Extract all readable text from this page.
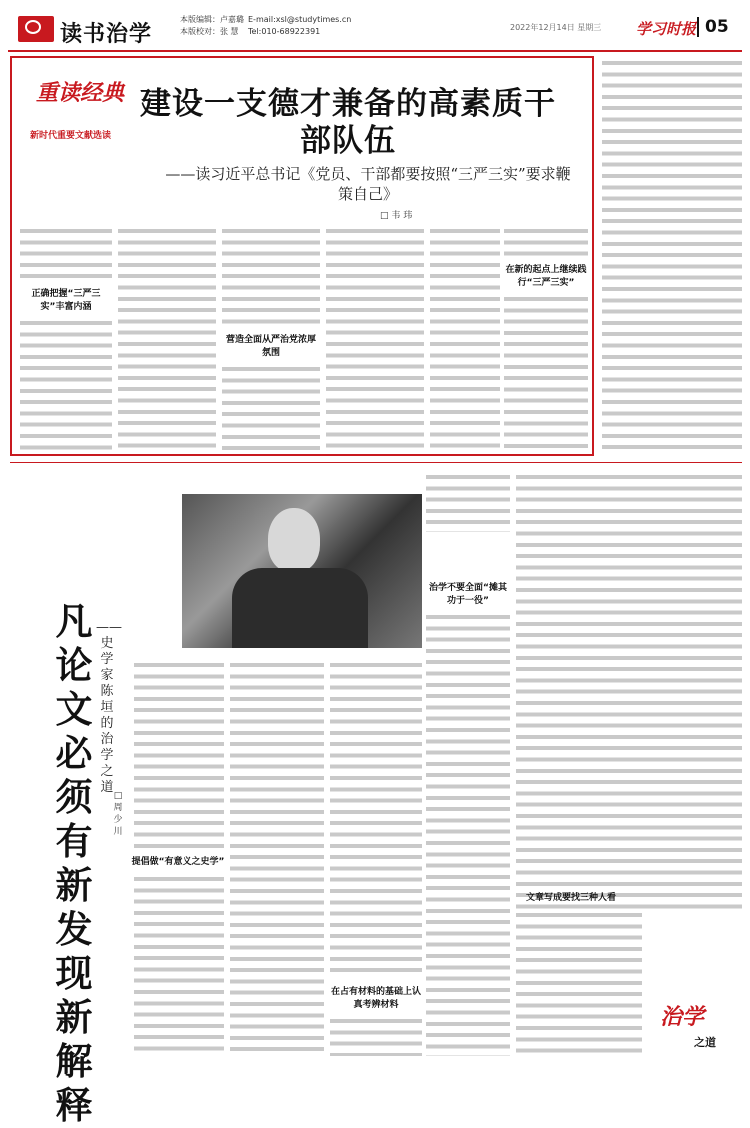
读书治学
本版编辑：卢嘉璐
本版校对：张 慧
E-mail:xsl@studytimes.cn
Tel:010-68922391	2022年12月14日 星期三 学习时报 05
重读经典
新时代重要文献选读
建设一支德才兼备的高素质干部队伍
——读习近平总书记《党员、干部都要按照“三严三实”要求鞭策自己》
□ 韦 玮
正确把握“三严三实”丰富内涵
营造全面从严治党浓厚氛围
在新的起点上继续践行“三严三实”
治学不要全面“摊其功于一役”
凡论文必须有新发现新解释
——史学家陈垣的治学之道
□周少川
提倡做“有意义之史学”
在占有材料的基础上认真考辨材料
文章写成要找三种人看
治学
之道
